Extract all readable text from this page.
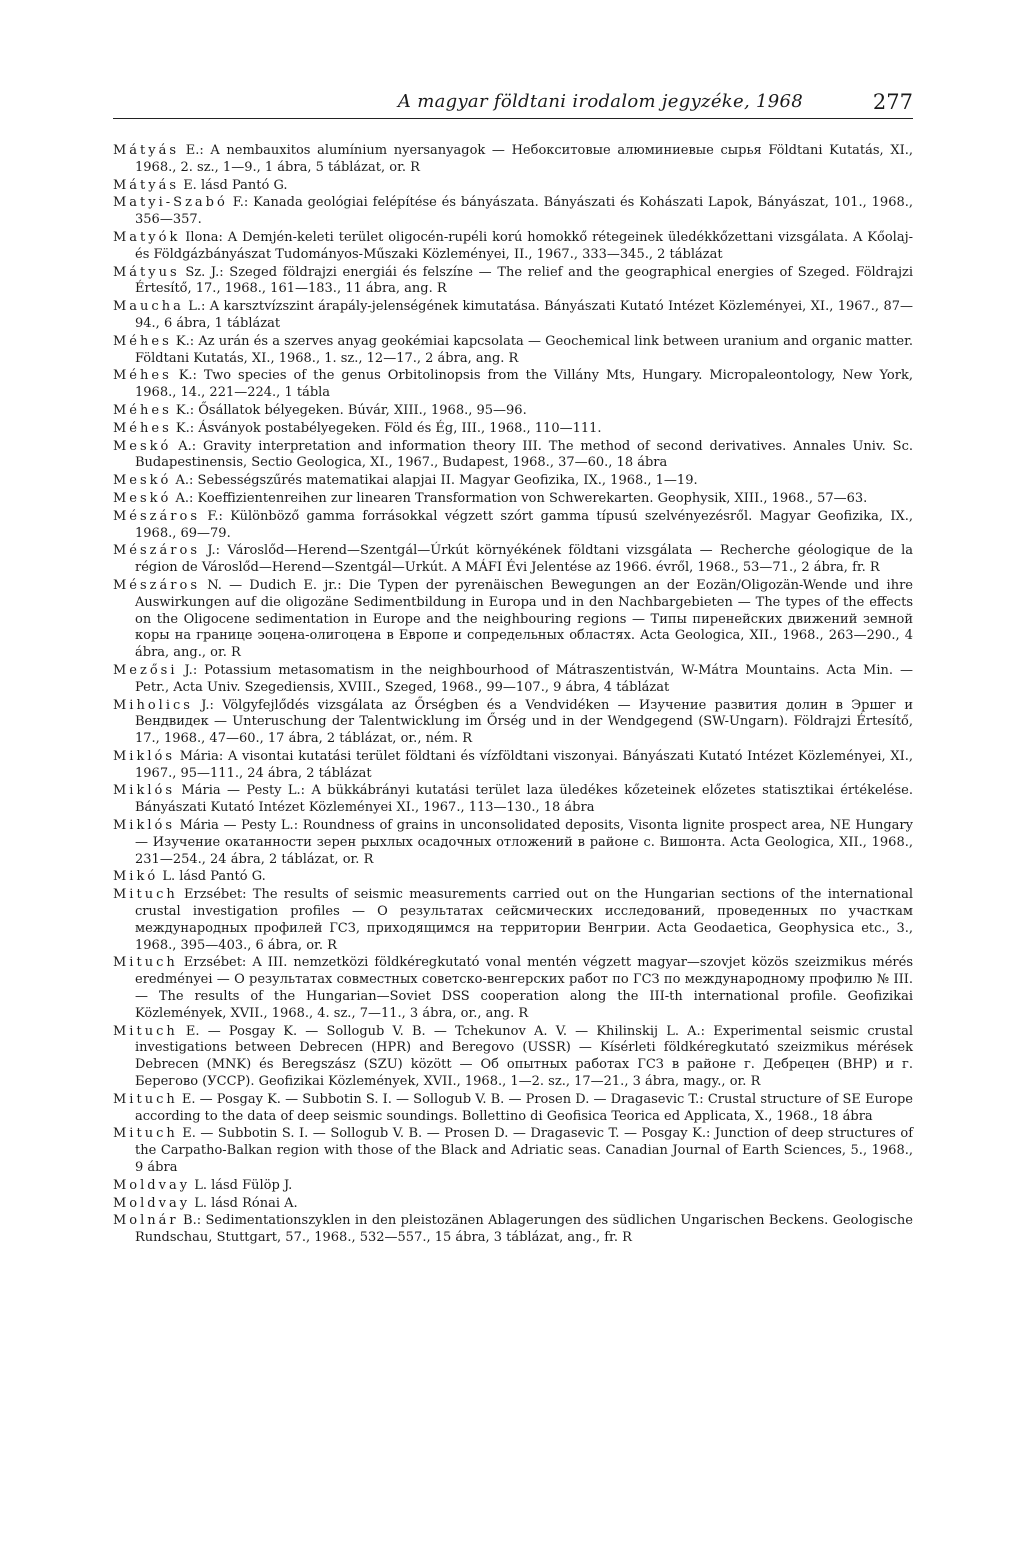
A magyar földtani irodalom jegyzéke, 1968	277

Mátyás E.: A nembauxitos alumínium nyersanyagok — Небокситовые алюминиевые сырья Földtani Kutatás, XI., 1968., 2. sz., 1—9., 1 ábra, 5 táblázat, or. R

Mátyás E. lásd Pantó G.

Matyi-Szabó F.: Kanada geológiai felépítése és bányászata. Bányászati és Kohászati Lapok, Bányászat, 101., 1968., 356—357.

Matyók Ilona: A Demjén-keleti terület oligocén-rupéli korú homokkő rétegeinek üledékkőzettani vizsgálata. A Kőolaj- és Földgázbányászat Tudományos-Műszaki Közleményei, II., 1967., 333—345., 2 táblázat

Mátyus Sz. J.: Szeged földrajzi energiái és felszíne — The relief and the geographical energies of Szeged. Földrajzi Értesítő, 17., 1968., 161—183., 11 ábra, ang. R

Maucha L.: A karsztvízszint árapály-jelenségének kimutatása. Bányászati Kutató Intézet Közleményei, XI., 1967., 87—94., 6 ábra, 1 táblázat

Méhes K.: Az urán és a szerves anyag geokémiai kapcsolata — Geochemical link between uranium and organic matter. Földtani Kutatás, XI., 1968., 1. sz., 12—17., 2 ábra, ang. R

Méhes K.: Two species of the genus Orbitolinopsis from the Villány Mts, Hungary. Micropaleontology, New York, 1968., 14., 221—224., 1 tábla

Méhes K.: Ősállatok bélyegeken. Búvár, XIII., 1968., 95—96.

Méhes K.: Ásványok postabélyegeken. Föld és Ég, III., 1968., 110—111.

Meskó A.: Gravity interpretation and information theory III. The method of second derivatives. Annales Univ. Sc. Budapestinensis, Sectio Geologica, XI., 1967., Budapest, 1968., 37—60., 18 ábra

Meskó A.: Sebességszűrés matematikai alapjai II. Magyar Geofizika, IX., 1968., 1—19.

Meskó A.: Koeffizientenreihen zur linearen Transformation von Schwerekarten. Geophysik, XIII., 1968., 57—63.

Mészáros F.: Különböző gamma forrásokkal végzett szórt gamma típusú szelvényezésről. Magyar Geofizika, IX., 1968., 69—79.

Mészáros J.: Városlőd—Herend—Szentgál—Úrkút környékének földtani vizsgálata — Recherche géologique de la région de Városlőd—Herend—Szentgál—Urkút. A MÁFI Évi Jelentése az 1966. évről, 1968., 53—71., 2 ábra, fr. R

Mészáros N. — Dudich E. jr.: Die Typen der pyrenäischen Bewegungen an der Eozän/Oligozän-Wende und ihre Auswirkungen auf die oligozäne Sedimentbildung in Europa und in den Nachbargebieten — The types of the effects on the Oligocene sedimentation in Europe and the neighbouring regions — Типы пиренейских движений земной коры на границе эоцена-олигоцена в Европе и сопредельных областях. Acta Geologica, XII., 1968., 263—290., 4 ábra, ang., or. R

Mezősi J.: Potassium metasomatism in the neighbourhood of Mátraszentistván, W-Mátra Mountains. Acta Min. — Petr., Acta Univ. Szegediensis, XVIII., Szeged, 1968., 99—107., 9 ábra, 4 táblázat

Miholics J.: Völgyfejlődés vizsgálata az Őrségben és a Vendvidéken — Изучение развития долин в Эршег и Вендвидек — Unteruschung der Talentwicklung im Őrség und in der Wendgegend (SW-Ungarn). Földrajzi Értesítő, 17., 1968., 47—60., 17 ábra, 2 táblázat, or., ném. R

Miklós Mária: A visontai kutatási terület földtani és vízföldtani viszonyai. Bányászati Kutató Intézet Közleményei, XI., 1967., 95—111., 24 ábra, 2 táblázat

Miklós Mária — Pesty L.: A bükkábrányi kutatási terület laza üledékes kőzeteinek előzetes statisztikai értékelése. Bányászati Kutató Intézet Közleményei XI., 1967., 113—130., 18 ábra

Miklós Mária — Pesty L.: Roundness of grains in unconsolidated deposits, Visonta lignite prospect area, NE Hungary — Изучение окатанности зерен рыхлых осадочных отложений в районе с. Вишонта. Acta Geologica, XII., 1968., 231—254., 24 ábra, 2 táblázat, or. R

Mikó L. lásd Pantó G.

Mituch Erzsébet: The results of seismic measurements carried out on the Hungarian sections of the international crustal investigation profiles — О результатах сейсмических исследований, проведенных по участкам международных профилей ГСЗ, приходящимся на территории Венгрии. Acta Geodaetica, Geophysica etc., 3., 1968., 395—403., 6 ábra, or. R

Mituch Erzsébet: A III. nemzetközi földkéregkutató vonal mentén végzett magyar—szovjet közös szeizmikus mérés eredményei — О результатах совместных советско-венгерских работ по ГСЗ по международному профилю № III. — The results of the Hungarian—Soviet DSS cooperation along the III-th international profile. Geofizikai Közlemények, XVII., 1968., 4. sz., 7—11., 3 ábra, or., ang. R

Mituch E. — Posgay K. — Sollogub V. B. — Tchekunov A. V. — Khilinskij L. A.: Experimental seismic crustal investigations between Debrecen (HPR) and Beregovo (USSR) — Kísérleti földkéregkutató szeizmikus mérések Debrecen (MNK) és Beregszász (SZU) között — Об опытных работах ГСЗ в районе г. Дебрецен (ВНР) и г. Берегово (УССР). Geofizikai Közlemények, XVII., 1968., 1—2. sz., 17—21., 3 ábra, magy., or. R

Mituch E. — Posgay K. — Subbotin S. I. — Sollogub V. B. — Prosen D. — Dragasevic T.: Crustal structure of SE Europe according to the data of deep seismic soundings. Bollettino di Geofisica Teorica ed Applicata, X., 1968., 18 ábra

Mituch E. — Subbotin S. I. — Sollogub V. B. — Prosen D. — Dragasevic T. — Posgay K.: Junction of deep structures of the Carpatho-Balkan region with those of the Black and Adriatic seas. Canadian Journal of Earth Sciences, 5., 1968., 9 ábra

Moldvay L. lásd Fülöp J.

Moldvay L. lásd Rónai A.

Molnár B.: Sedimentationszyklen in den pleistozänen Ablagerungen des südlichen Ungarischen Beckens. Geologische Rundschau, Stuttgart, 57., 1968., 532—557., 15 ábra, 3 táblázat, ang., fr. R
